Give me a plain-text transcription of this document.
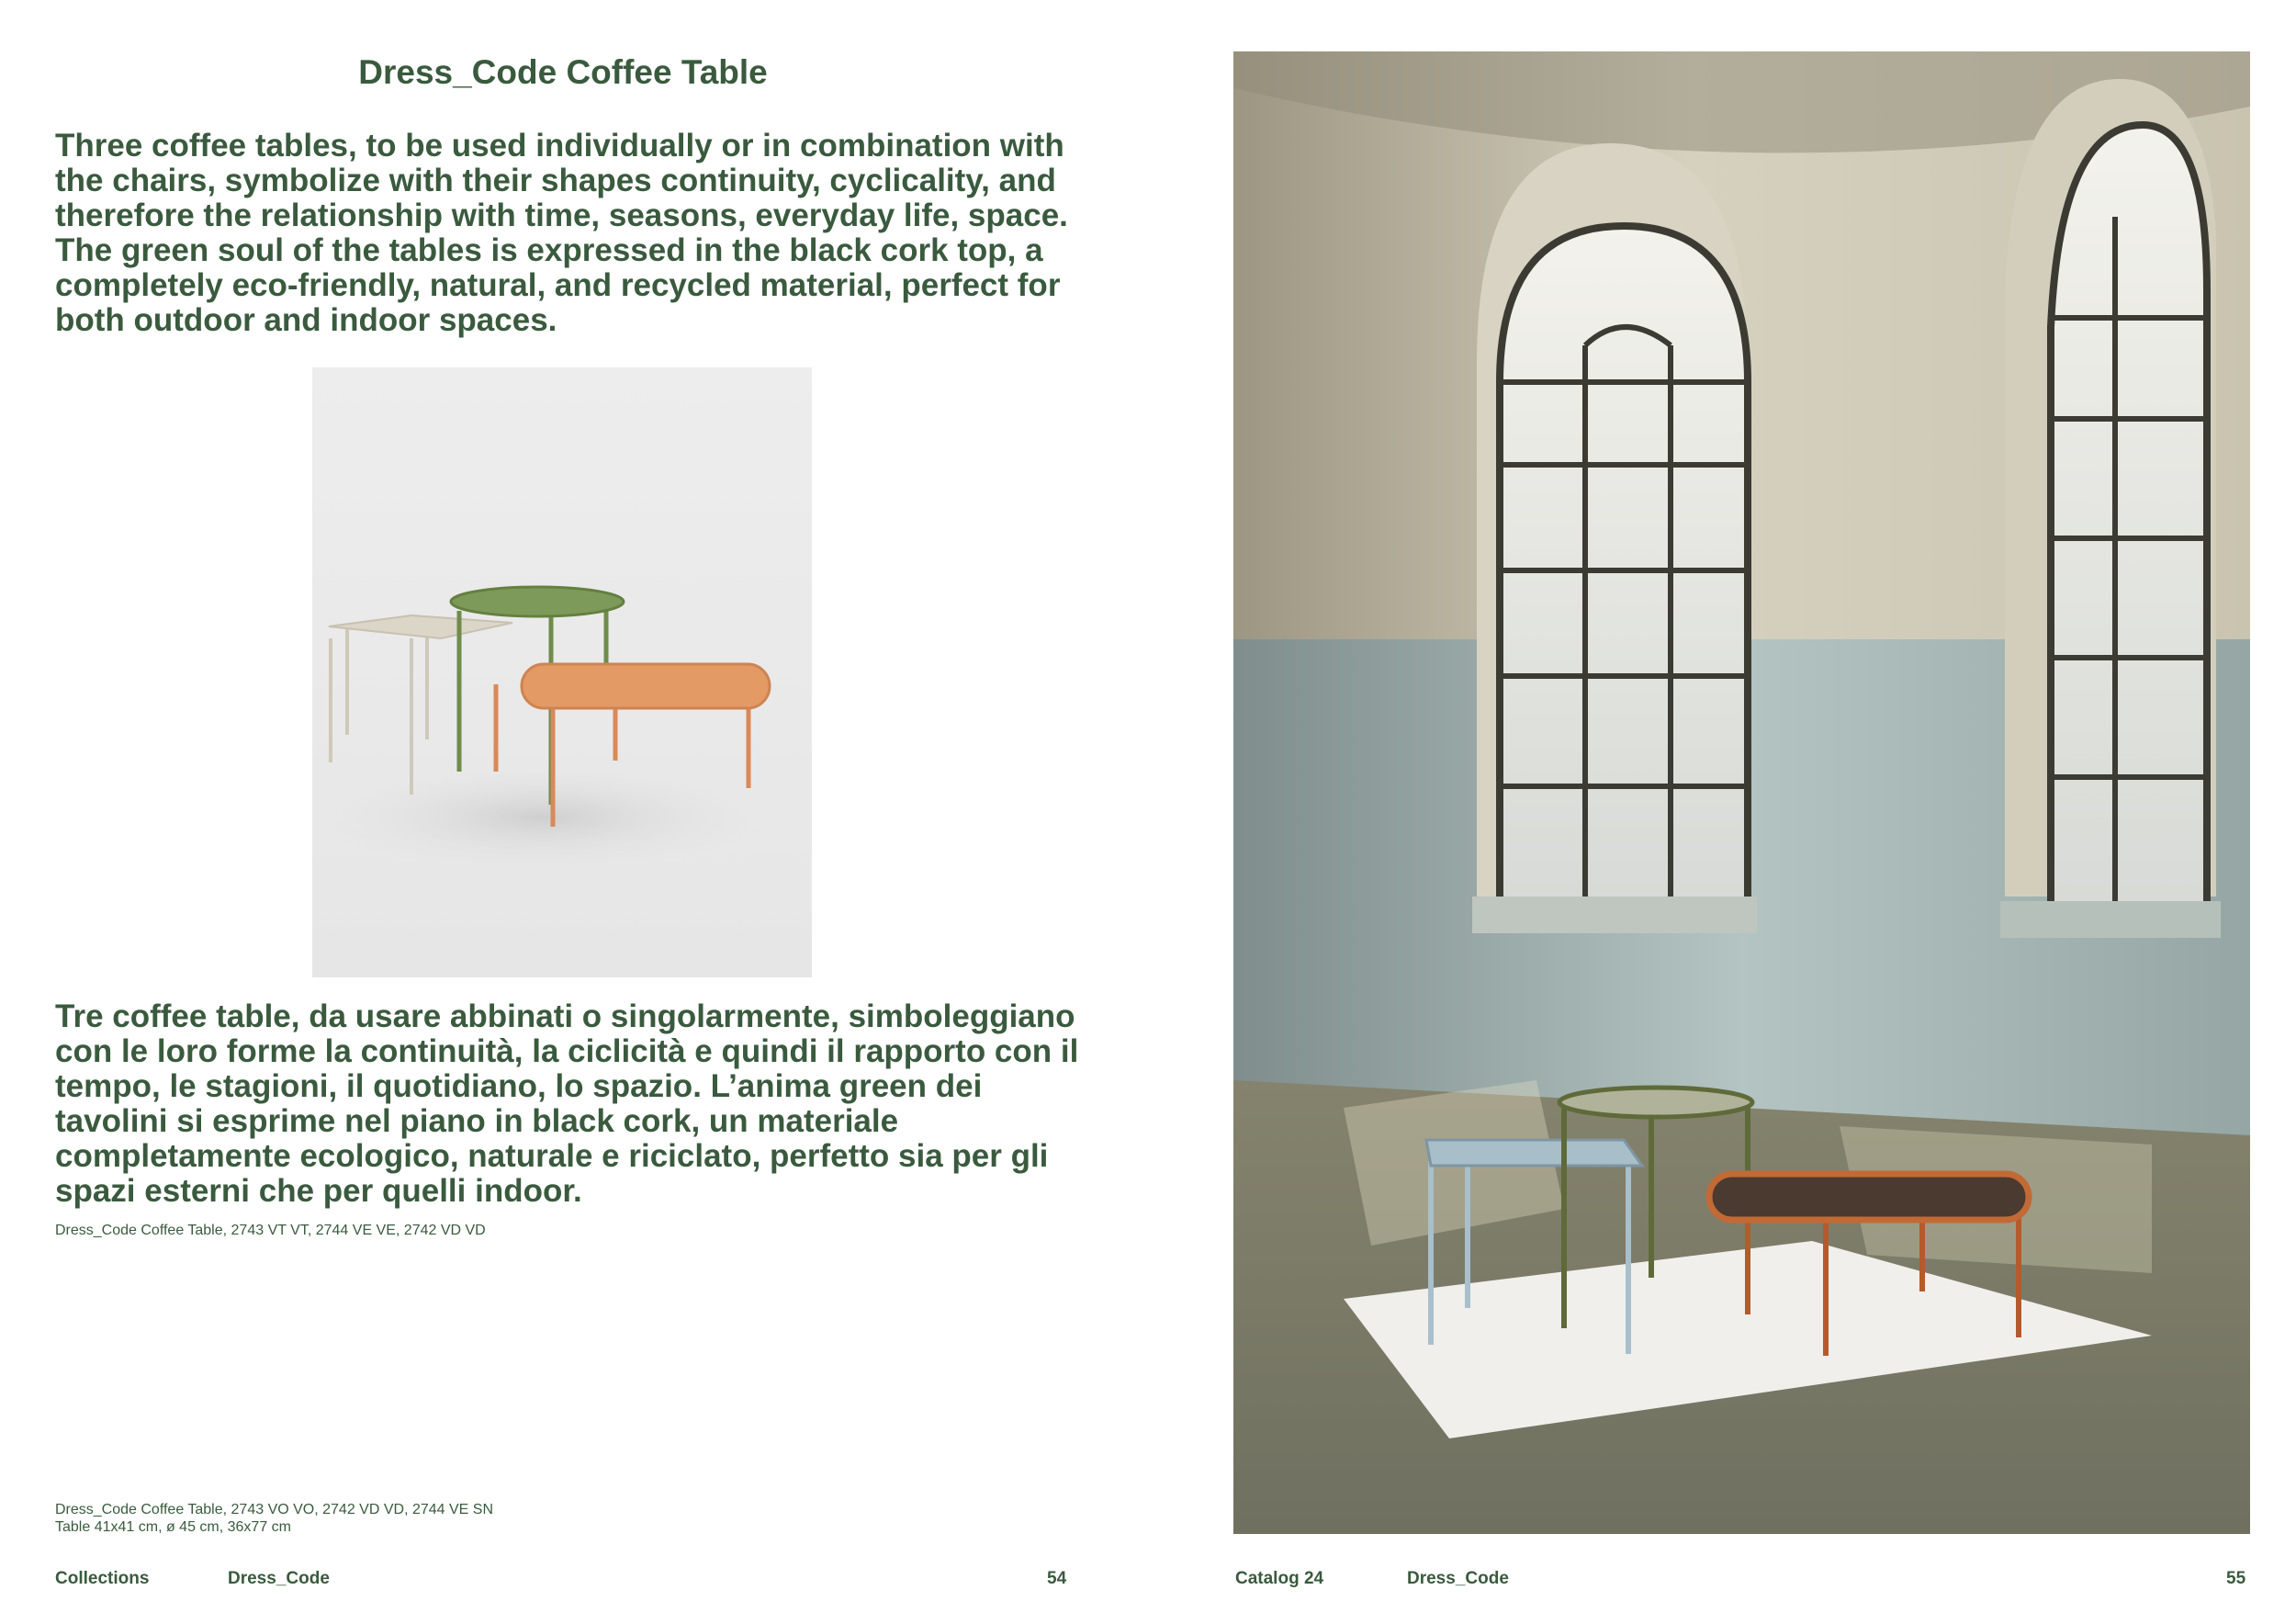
Dress_Code Coffee Table

Three coffee tables, to be used individually or in combination with the chairs, symbolize with their shapes continuity, cyclicality, and therefore the relationship with time, seasons, everyday life, space. The green soul of the tables is expressed in the black cork top, a completely eco-friendly, natural, and recycled material, perfect for both outdoor and indoor spaces.

Tre coffee table, da usare abbinati o singolarmente, simboleggiano con le loro forme la continuità, la ciclicità e quindi il rapporto con il tempo, le stagioni, il quotidiano, lo spazio. L’anima green dei tavolini si esprime nel piano in black cork, un materiale completamente ecologico, naturale e riciclato, perfetto sia per gli spazi esterni che per quelli indoor.

Dress_Code Coffee Table, 2743 VT VT, 2744 VE VE, 2742 VD VD

Dress_Code Coffee Table, 2743 VO VO, 2742 VD VD, 2744 VE SN

Table 41x41 cm, ø 45 cm, 36x77 cm

Collections	Dress_Code	54	Catalog 24	Dress_Code	55
